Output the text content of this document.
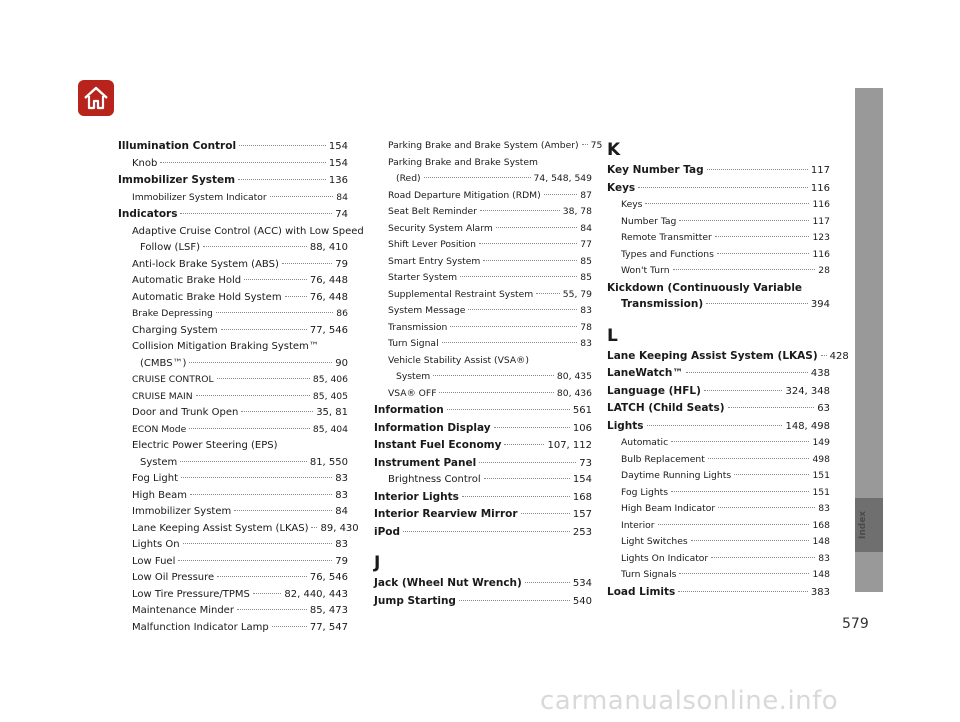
Illumination Control	154
Knob	154
Immobilizer System	136
Immobilizer System Indicator	84
Indicators	74
Adaptive Cruise Control (ACC) with Low Speed
Follow (LSF)	88, 410
Anti-lock Brake System (ABS)	79
Automatic Brake Hold	76, 448
Automatic Brake Hold System	76, 448
Brake Depressing	86
Charging System	77, 546
Collision Mitigation Braking System™
(CMBS™)	90
CRUISE CONTROL	85, 406
CRUISE MAIN	85, 405
Door and Trunk Open	35, 81
ECON Mode	85, 404
Electric Power Steering (EPS)
System	81, 550
Fog Light	83
High Beam	83
Immobilizer System	84
Lane Keeping Assist System (LKAS) 89, 430
Lights On	83
Low Fuel	79
Low Oil Pressure	76, 546
Low Tire Pressure/TPMS	82, 440, 443
Maintenance Minder	85, 473
Malfunction Indicator Lamp	77, 547
Parking Brake and Brake System (Amber) 75
Parking Brake and Brake System
(Red)	74, 548, 549
Road Departure Mitigation (RDM)	87
Seat Belt Reminder	38, 78
Security System Alarm	84
Shift Lever Position	77
Smart Entry System	85
Starter System	85
Supplemental Restraint System	55, 79
System Message	83
Transmission	78
Turn Signal	83
Vehicle Stability Assist (VSA®)
System	80, 435
VSA® OFF	80, 436
Information	561
Information Display	106
Instant Fuel Economy	107, 112
Instrument Panel	73
Brightness Control	154
Interior Lights	168
Interior Rearview Mirror	157
iPod	253
J
Jack (Wheel Nut Wrench)	534
Jump Starting	540
K
Key Number Tag	117
Keys	116
Keys	116
Number Tag	117
Remote Transmitter	123
Types and Functions	116
Won't Turn	28
Kickdown (Continuously Variable
Transmission)	394
L
Lane Keeping Assist System (LKAS) 428
LaneWatch™	438
Language (HFL)	324, 348
LATCH (Child Seats)	63
Lights	148, 498
Automatic	149
Bulb Replacement	498
Daytime Running Lights	151
Fog Lights	151
High Beam Indicator	83
Interior	168
Light Switches	148
Lights On Indicator	83
Turn Signals	148
Load Limits	383
Index
579
carmanualsonline.info
